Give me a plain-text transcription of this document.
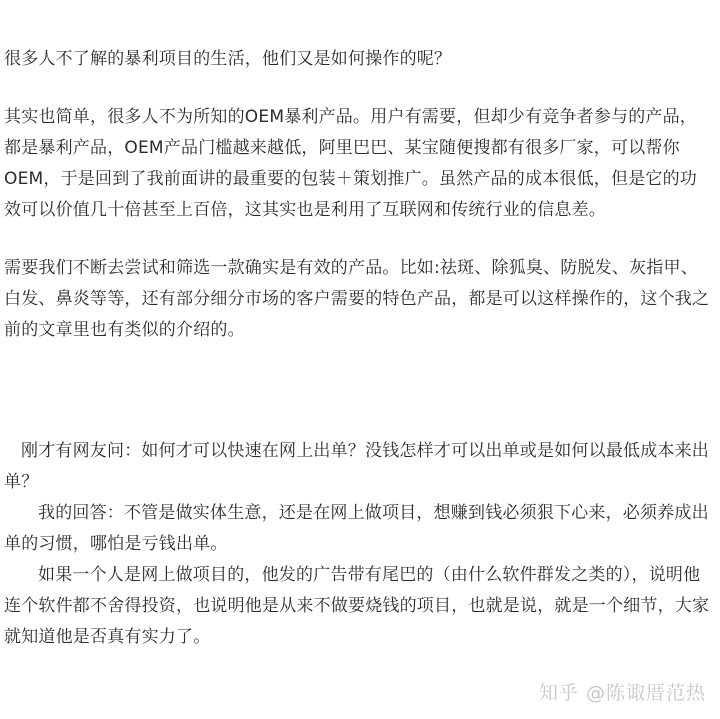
很多人不了解的暴利项目的生活，他们又是如何操作的呢？

其实也简单，很多人不为所知的OEM暴利产品。用户有需要，但却少有竞争者参与的产品，都是暴利产品，OEM产品门槛越来越低，阿里巴巴、某宝随便搜都有很多厂家，可以帮你OEM，于是回到了我前面讲的最重要的包装＋策划推广。虽然产品的成本很低，但是它的功效可以价值几十倍甚至上百倍，这其实也是利用了互联网和传统行业的信息差。

需要我们不断去尝试和筛选一款确实是有效的产品。比如:祛斑、除狐臭、防脱发、灰指甲、白发、鼻炎等等，还有部分细分市场的客户需要的特色产品，都是可以这样操作的，这个我之前的文章里也有类似的介绍的。

刚才有网友问：如何才可以快速在网上出单？没钱怎样才可以出单或是如何以最低成本来出单？

我的回答：不管是做实体生意，还是在网上做项目，想赚到钱必须狠下心来，必须养成出单的习惯，哪怕是亏钱出单。

如果一个人是网上做项目的，他发的广告带有尾巴的（由什么软件群发之类的），说明他连个软件都不舍得投资，也说明他是从来不做要烧钱的项目，也就是说，就是一个细节，大家就知道他是否真有实力了。

知乎 @陈诹厝范热
